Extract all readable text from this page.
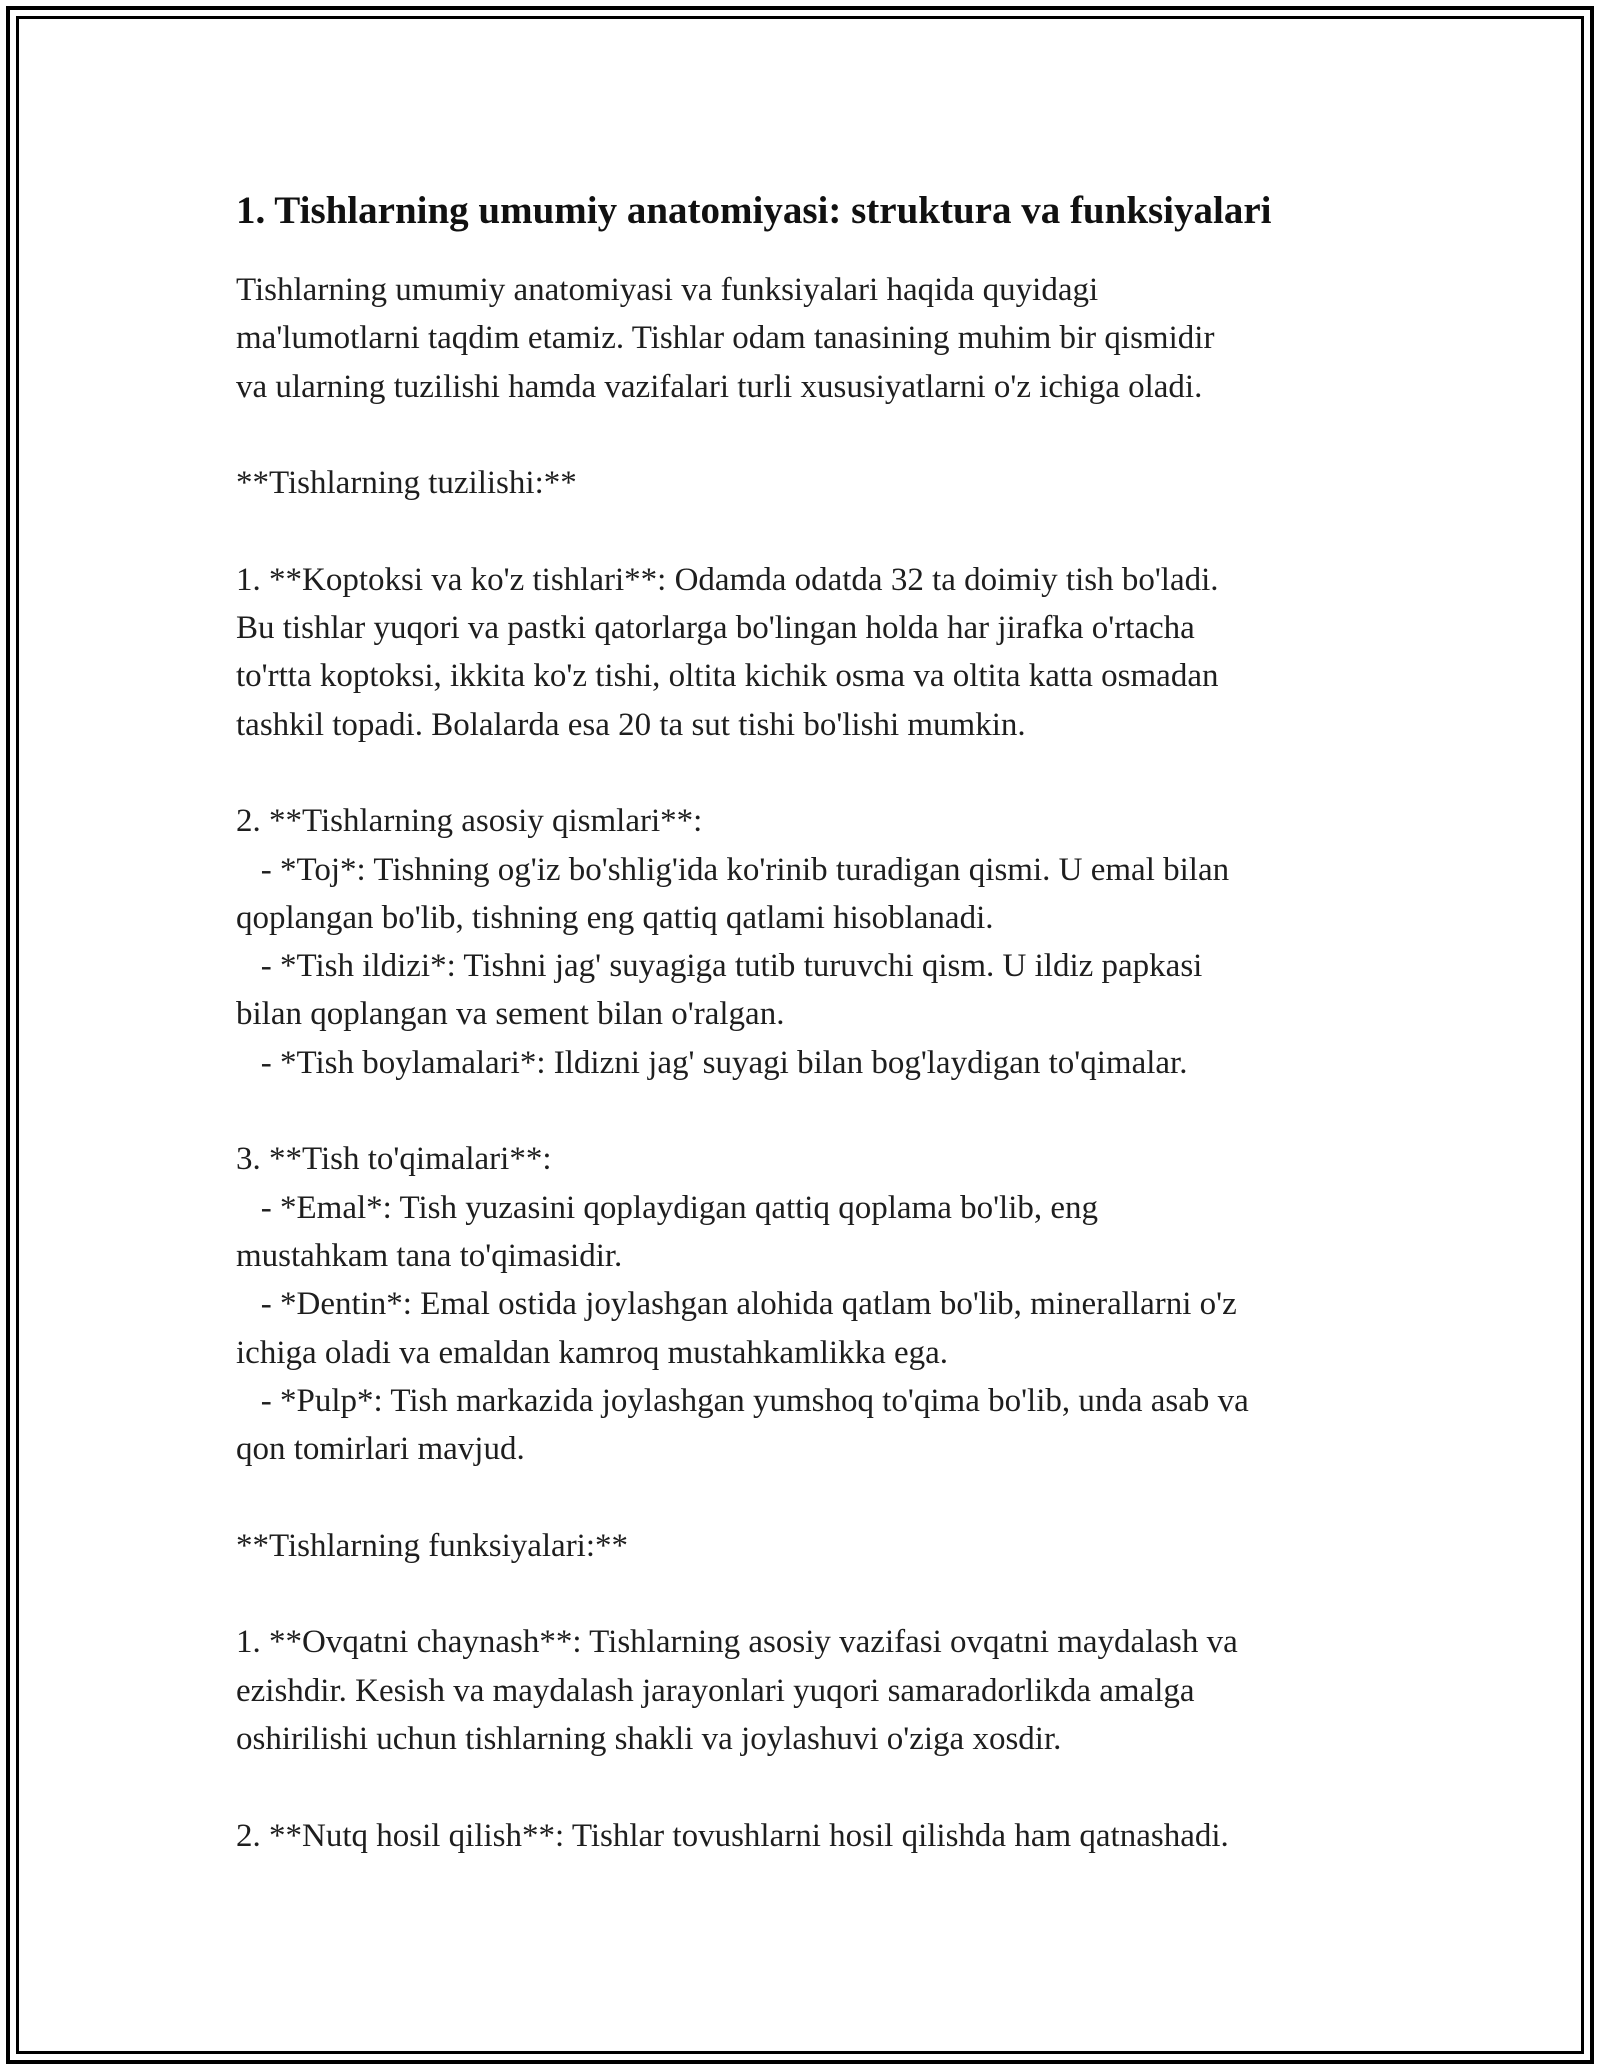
1. Tishlarning umumiy anatomiyasi: struktura va funksiyalari

Tishlarning umumiy anatomiyasi va funksiyalari haqida quyidagi
ma'lumotlarni taqdim etamiz. Tishlar odam tanasining muhim bir qismidir
va ularning tuzilishi hamda vazifalari turli xususiyatlarni o'z ichiga oladi.

**Tishlarning tuzilishi:**

1. **Koptoksi va ko'z tishlari**: Odamda odatda 32 ta doimiy tish bo'ladi.
Bu tishlar yuqori va pastki qatorlarga bo'lingan holda har jirafka o'rtacha
to'rtta koptoksi, ikkita ko'z tishi, oltita kichik osma va oltita katta osmadan
tashkil topadi. Bolalarda esa 20 ta sut tishi bo'lishi mumkin.

2. **Tishlarning asosiy qismlari**:
- *Toj*: Tishning og'iz bo'shlig'ida ko'rinib turadigan qismi. U emal bilan
qoplangan bo'lib, tishning eng qattiq qatlami hisoblanadi.
- *Tish ildizi*: Tishni jag' suyagiga tutib turuvchi qism. U ildiz papkasi
bilan qoplangan va sement bilan o'ralgan.
- *Tish boylamalari*: Ildizni jag' suyagi bilan bog'laydigan to'qimalar.

3. **Tish to'qimalari**:
- *Emal*: Tish yuzasini qoplaydigan qattiq qoplama bo'lib, eng
mustahkam tana to'qimasidir.
- *Dentin*: Emal ostida joylashgan alohida qatlam bo'lib, minerallarni o'z
ichiga oladi va emaldan kamroq mustahkamlikka ega.
- *Pulp*: Tish markazida joylashgan yumshoq to'qima bo'lib, unda asab va
qon tomirlari mavjud.

**Tishlarning funksiyalari:**

1. **Ovqatni chaynash**: Tishlarning asosiy vazifasi ovqatni maydalash va
ezishdir. Kesish va maydalash jarayonlari yuqori samaradorlikda amalga
oshirilishi uchun tishlarning shakli va joylashuvi o'ziga xosdir.

2. **Nutq hosil qilish**: Tishlar tovushlarni hosil qilishda ham qatnashadi.
